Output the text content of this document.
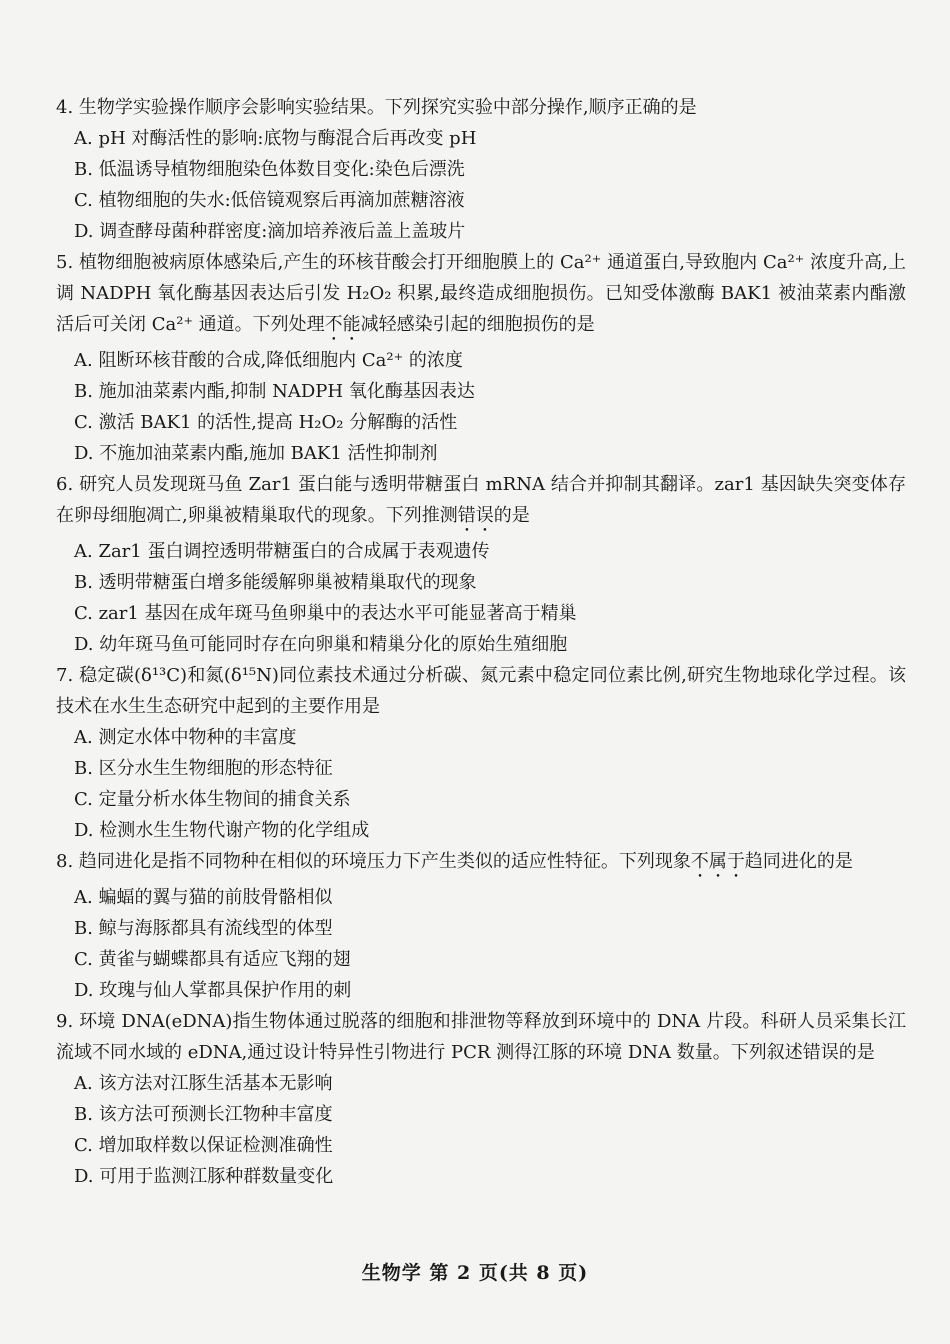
4. 生物学实验操作顺序会影响实验结果。下列探究实验中部分操作,顺序正确的是

A. pH 对酶活性的影响:底物与酶混合后再改变 pH
B. 低温诱导植物细胞染色体数目变化:染色后漂洗
C. 植物细胞的失水:低倍镜观察后再滴加蔗糖溶液
D. 调查酵母菌种群密度:滴加培养液后盖上盖玻片

5. 植物细胞被病原体感染后,产生的环核苷酸会打开细胞膜上的 Ca²⁺ 通道蛋白,导致胞内 Ca²⁺ 浓度升高,上调 NADPH 氧化酶基因表达后引发 H₂O₂ 积累,最终造成细胞损伤。已知受体激酶 BAK1 被油菜素内酯激活后可关闭 Ca²⁺ 通道。下列处理不能减轻感染引起的细胞损伤的是

A. 阻断环核苷酸的合成,降低细胞内 Ca²⁺ 的浓度
B. 施加油菜素内酯,抑制 NADPH 氧化酶基因表达
C. 激活 BAK1 的活性,提高 H₂O₂ 分解酶的活性
D. 不施加油菜素内酯,施加 BAK1 活性抑制剂

6. 研究人员发现斑马鱼 Zar1 蛋白能与透明带糖蛋白 mRNA 结合并抑制其翻译。zar1 基因缺失突变体存在卵母细胞凋亡,卵巢被精巢取代的现象。下列推测错误的是

A. Zar1 蛋白调控透明带糖蛋白的合成属于表观遗传
B. 透明带糖蛋白增多能缓解卵巢被精巢取代的现象
C. zar1 基因在成年斑马鱼卵巢中的表达水平可能显著高于精巢
D. 幼年斑马鱼可能同时存在向卵巢和精巢分化的原始生殖细胞

7. 稳定碳(δ¹³C)和氮(δ¹⁵N)同位素技术通过分析碳、氮元素中稳定同位素比例,研究生物地球化学过程。该技术在水生生态研究中起到的主要作用是

A. 测定水体中物种的丰富度
B. 区分水生生物细胞的形态特征
C. 定量分析水体生物间的捕食关系
D. 检测水生生物代谢产物的化学组成

8. 趋同进化是指不同物种在相似的环境压力下产生类似的适应性特征。下列现象不属于趋同进化的是

A. 蝙蝠的翼与猫的前肢骨骼相似
B. 鲸与海豚都具有流线型的体型
C. 黄雀与蝴蝶都具有适应飞翔的翅
D. 玫瑰与仙人掌都具保护作用的刺

9. 环境 DNA(eDNA)指生物体通过脱落的细胞和排泄物等释放到环境中的 DNA 片段。科研人员采集长江流域不同水域的 eDNA,通过设计特异性引物进行 PCR 测得江豚的环境 DNA 数量。下列叙述错误的是

A. 该方法对江豚生活基本无影响
B. 该方法可预测长江物种丰富度
C. 增加取样数以保证检测准确性
D. 可用于监测江豚种群数量变化
生物学 第 2 页(共 8 页)
